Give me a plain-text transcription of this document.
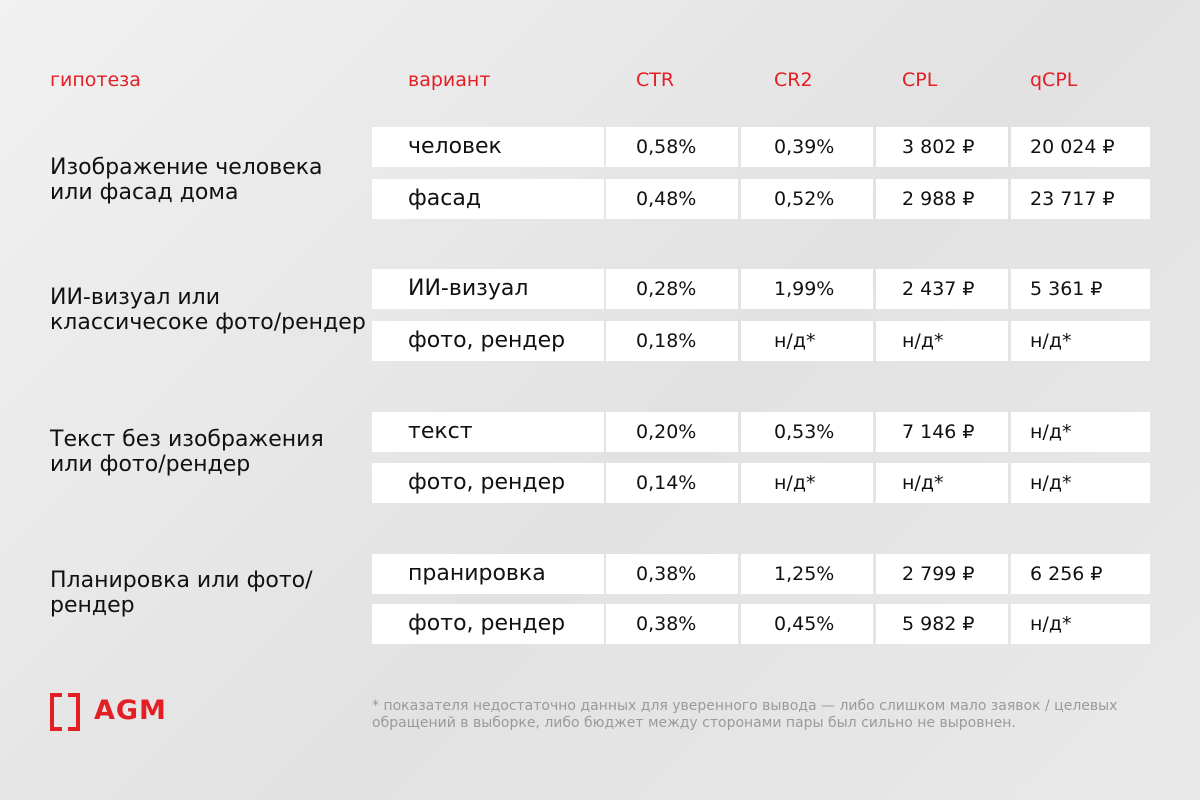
гипотеза	вариант	CTR	CR2	CPL	qCPL
Изображение человека или фасад дома
человек	0,58%	0,39%	3 802 ₽	20 024 ₽
фасад	0,48%	0,52%	2 988 ₽	23 717 ₽
ИИ-визуал или классичесоке фото/рендер
ИИ-визуал	0,28%	1,99%	2 437 ₽	5 361 ₽
фото, рендер	0,18%	н/д*	н/д*	н/д*
Текст без изображения или фото/рендер
текст	0,20%	0,53%	7 146 ₽	н/д*
фото, рендер	0,14%	н/д*	н/д*	н/д*
Планировка или фото/рендер
пранировка	0,38%	1,25%	2 799 ₽	6 256 ₽
фото, рендер	0,38%	0,45%	5 982 ₽	н/д*
AGM	* показателя недостаточно данных для уверенного вывода — либо слишком мало заявок / целевых обращений в выборке, либо бюджет между сторонами пары был сильно не выровнен.
